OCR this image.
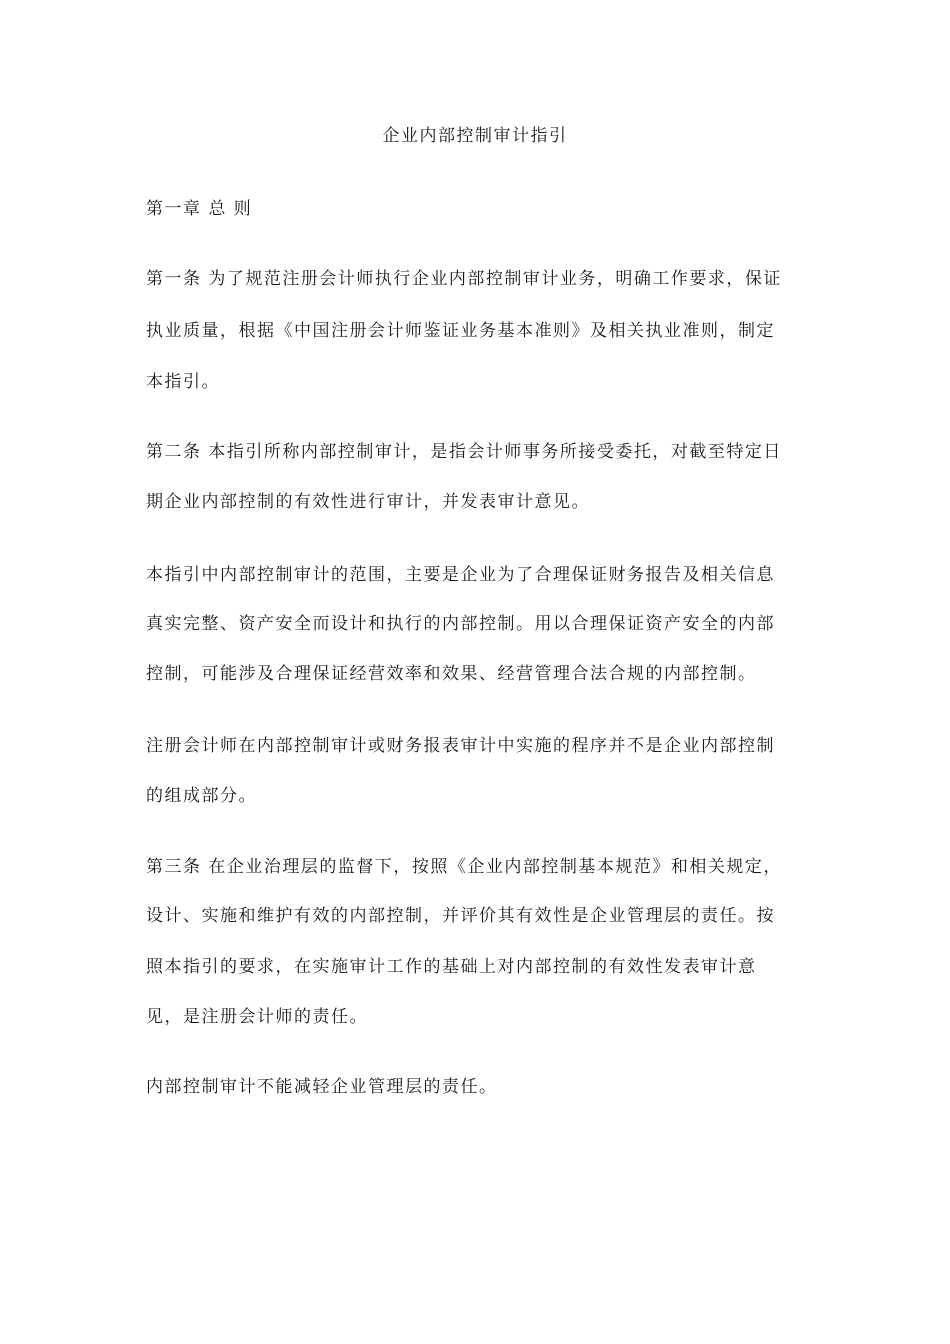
企业内部控制审计指引
第一章 总 则
第一条 为了规范注册会计师执行企业内部控制审计业务，明确工作要求，保证
执业质量，根据《中国注册会计师鉴证业务基本准则》及相关执业准则，制定
本指引。
第二条 本指引所称内部控制审计，是指会计师事务所接受委托，对截至特定日
期企业内部控制的有效性进行审计，并发表审计意见。
本指引中内部控制审计的范围，主要是企业为了合理保证财务报告及相关信息
真实完整、资产安全而设计和执行的内部控制。用以合理保证资产安全的内部
控制，可能涉及合理保证经营效率和效果、经营管理合法合规的内部控制。
注册会计师在内部控制审计或财务报表审计中实施的程序并不是企业内部控制
的组成部分。
第三条 在企业治理层的监督下，按照《企业内部控制基本规范》和相关规定，
设计、实施和维护有效的内部控制，并评价其有效性是企业管理层的责任。按
照本指引的要求，在实施审计工作的基础上对内部控制的有效性发表审计意
见，是注册会计师的责任。
内部控制审计不能减轻企业管理层的责任。
